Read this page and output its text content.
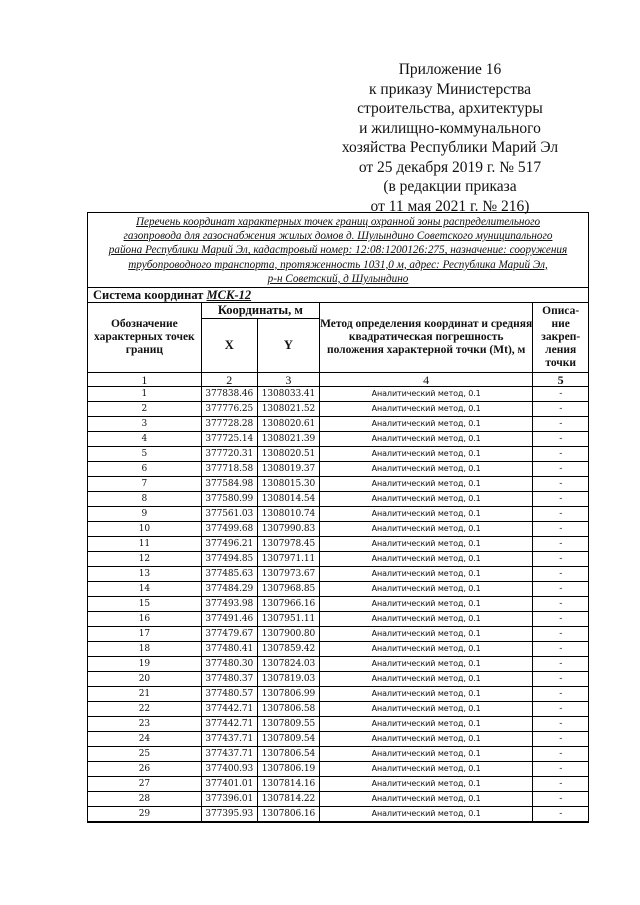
Приложение 16
к приказу Министерства
строительства, архитектуры
и жилищно-коммунального
хозяйства Республики Марий Эл
от 25 декабря 2019 г. № 517
(в редакции приказа
от 11 мая 2021 г. № 216)
Перечень координат характерных точек границ охранной зоны распределительного
газопровода для газоснабжения жилых домов д. Шулындино Советского муниципального
района Республики Марий Эл, кадастровый номер: 12:08:1200126:275, назначение: сооружения
трубопроводного транспорта, протяженность 1031,0 м, адрес: Республика Марий Эл,
р-н Советский, д Шулындино
Система координат МСК-12
Обозначение характерных точек границ	Координаты, м		Метод определения координат и средняя квадратическая погрешность положения характерной точки (Mt), м	Описа-ние закреп-ления точки
	X	Y		
1	2	3	4	5
1	377838.46	1308033.41	Аналитический метод, 0.1	-
2	377776.25	1308021.52	Аналитический метод, 0.1	-
3	377728.28	1308020.61	Аналитический метод, 0.1	-
4	377725.14	1308021.39	Аналитический метод, 0.1	-
5	377720.31	1308020.51	Аналитический метод, 0.1	-
6	377718.58	1308019.37	Аналитический метод, 0.1	-
7	377584.98	1308015.30	Аналитический метод, 0.1	-
8	377580.99	1308014.54	Аналитический метод, 0.1	-
9	377561.03	1308010.74	Аналитический метод, 0.1	-
10	377499.68	1307990.83	Аналитический метод, 0.1	-
11	377496.21	1307978.45	Аналитический метод, 0.1	-
12	377494.85	1307971.11	Аналитический метод, 0.1	-
13	377485.63	1307973.67	Аналитический метод, 0.1	-
14	377484.29	1307968.85	Аналитический метод, 0.1	-
15	377493.98	1307966.16	Аналитический метод, 0.1	-
16	377491.46	1307951.11	Аналитический метод, 0.1	-
17	377479.67	1307900.80	Аналитический метод, 0.1	-
18	377480.41	1307859.42	Аналитический метод, 0.1	-
19	377480.30	1307824.03	Аналитический метод, 0.1	-
20	377480.37	1307819.03	Аналитический метод, 0.1	-
21	377480.57	1307806.99	Аналитический метод, 0.1	-
22	377442.71	1307806.58	Аналитический метод, 0.1	-
23	377442.71	1307809.55	Аналитический метод, 0.1	-
24	377437.71	1307809.54	Аналитический метод, 0.1	-
25	377437.71	1307806.54	Аналитический метод, 0.1	-
26	377400.93	1307806.19	Аналитический метод, 0.1	-
27	377401.01	1307814.16	Аналитический метод, 0.1	-
28	377396.01	1307814.22	Аналитический метод, 0.1	-
29	377395.93	1307806.16	Аналитический метод, 0.1	-
